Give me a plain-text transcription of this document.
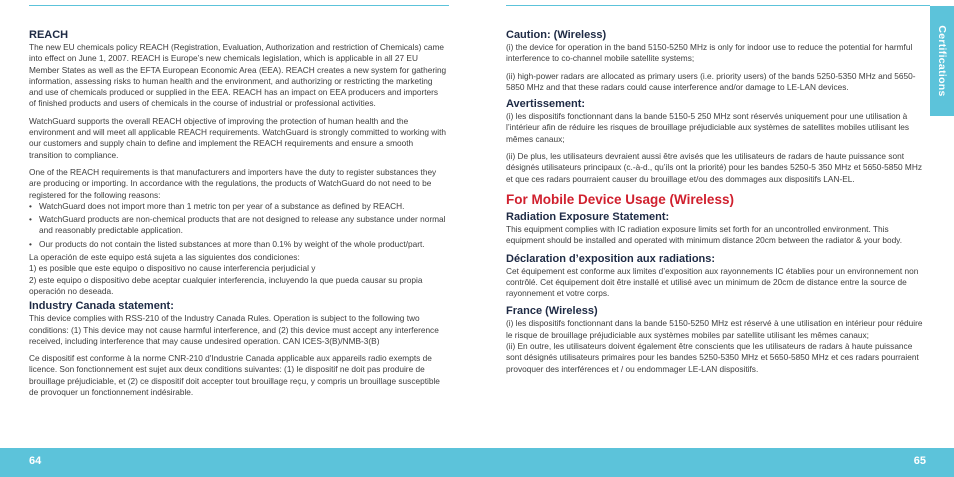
Certifications
REACH

The new EU chemicals policy REACH (Registration, Evaluation, Authorization and restriction of Chemicals) came into effect on June 1, 2007. REACH is Europe’s new chemicals legislation, which is applicable in all 27 EU Member States as well as the EFTA European Economic Area (EEA). REACH creates a new system for gathering information, assessing risks to human health and the environment, and authorizing or restricting the marketing and use of chemicals produced or supplied in the EEA. REACH has an impact on EEA producers and importers of finished products and users of chemicals in the course of industrial or professional activities.

WatchGuard supports the overall REACH objective of improving the protection of human health and the environment and will meet all applicable REACH requirements. WatchGuard is strongly committed to working with our customers and supply chain to define and implement the REACH requirements and ensure a smooth transition to compliance.

One of the REACH requirements is that manufacturers and importers have the duty to register substances they are producing or importing. In accordance with the regulations, the products of WatchGuard do not need to be registered for the following reasons:

• WatchGuard does not import more than 1 metric ton per year of a substance as defined by REACH.
• WatchGuard products are non-chemical products that are not designed to release any substance under normal and reasonably predictable application.
• Our products do not contain the listed substances at more than 0.1% by weight of the whole product/part.

La operación de este equipo está sujeta a las siguientes dos condiciones:
1) es posible que este equipo o dispositivo no cause interferencia perjudicial y
2) este equipo o dispositivo debe aceptar cualquier interferencia, incluyendo la que pueda causar su propia operación no deseada.

Industry Canada statement:

This device complies with RSS-210 of the Industry Canada Rules. Operation is subject to the following two conditions: (1) This device may not cause harmful interference, and (2) this device must accept any interference received, including interference that may cause undesired operation. CAN ICES-3(B)/NMB-3(B)

Ce dispositif est conforme à la norme CNR-210 d'Industrie Canada applicable aux appareils radio exempts de licence. Son fonctionnement est sujet aux deux conditions suivantes: (1) le dispositif ne doit pas produire de brouillage préjudiciable, et (2) ce dispositif doit accepter tout brouillage reçu, y compris un brouillage susceptible de provoquer un fonctionnement indésirable.

Caution: (Wireless)

(i) the device for operation in the band 5150-5250 MHz is only for indoor use to reduce the potential for harmful interference to co-channel mobile satellite systems;

(ii) high-power radars are allocated as primary users (i.e. priority users) of the bands 5250-5350 MHz and 5650-5850 MHz and that these radars could cause interference and/or damage to LE-LAN devices.

Avertissement:

(i) les dispositifs fonctionnant dans la bande 5150-5 250 MHz sont réservés uniquement pour une utilisation à l’intérieur afin de réduire les risques de brouillage préjudiciable aux systèmes de satellites mobiles utilisant les mêmes canaux;

(ii) De plus, les utilisateurs devraient aussi être avisés que les utilisateurs de radars de haute puissance sont désignés utilisateurs principaux (c.-à-d., qu’ils ont la priorité) pour les bandes 5250-5 350 MHz et 5650-5850 MHz et que ces radars pourraient causer du brouillage et/ou des dommages aux dispositifs LAN-EL.

For Mobile Device Usage (Wireless)
Radiation Exposure Statement:

This equipment complies with IC radiation exposure limits set forth for an uncontrolled environment. This equipment should be installed and operated with minimum distance 20cm between the radiator & your body.

Déclaration d’exposition aux radiations:

Cet équipement est conforme aux limites d’exposition aux rayonnements IC établies pour un environnement non contrôlé. Cet équipement doit être installé et utilisé avec un minimum de 20cm de distance entre la source de rayonnement et votre corps.

France (Wireless)

(i) les dispositifs fonctionnant dans la bande 5150-5250 MHz est réservé à une utilisation en intérieur pour réduire le risque de brouillage préjudiciable aux systèmes mobiles par satellite utilisant les mêmes canaux;

(ii) En outre, les utilisateurs doivent également être conscients que les utilisateurs de radars à haute puissance sont désignés utilisateurs primaires pour les bandes 5250-5350 MHz et 5650-5850 MHz et ces radars pourraient provoquer des interférences et / ou endommager LE-LAN dispositifs.

64	65
